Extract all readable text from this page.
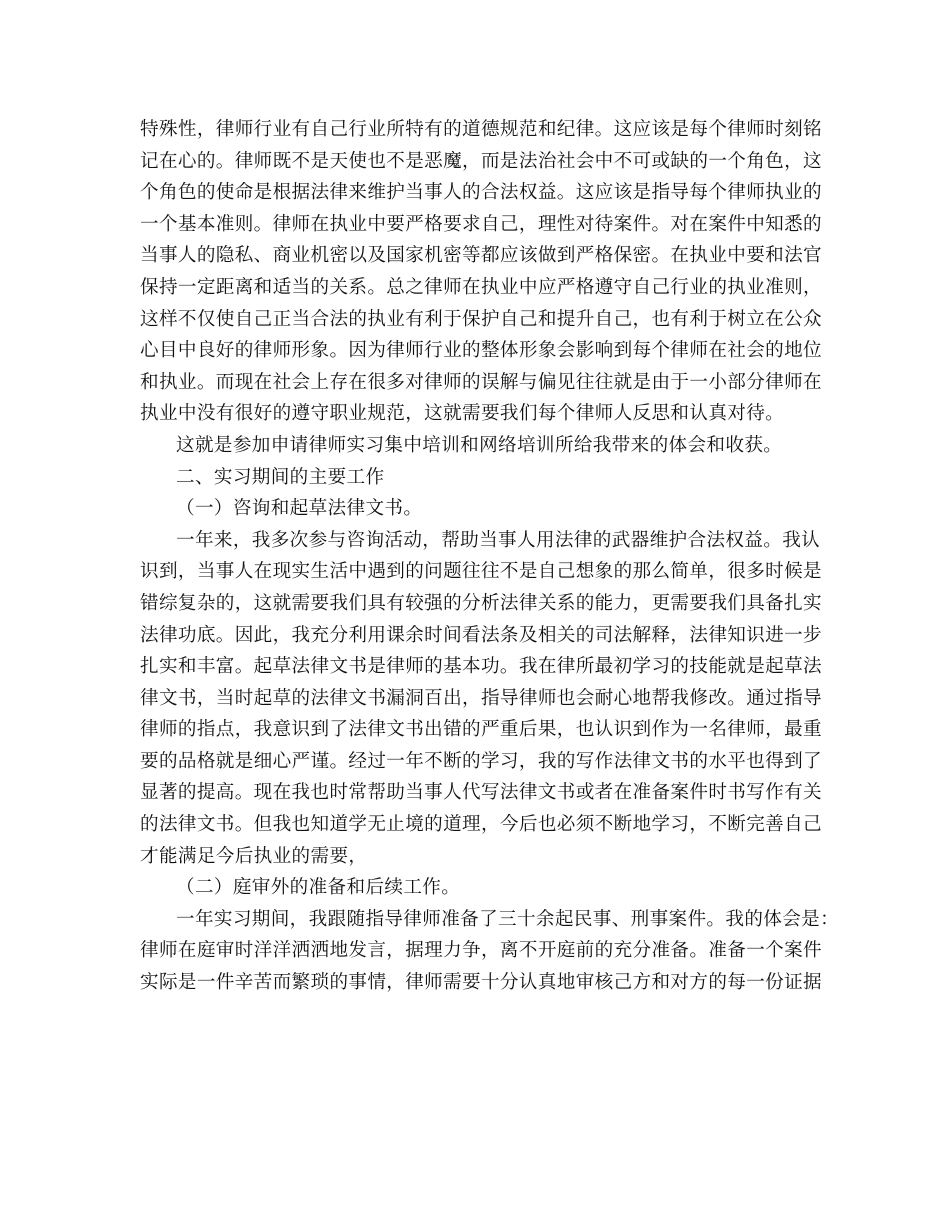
特殊性，律师行业有自己行业所特有的道德规范和纪律。这应该是每个律师时刻铭
记在心的。律师既不是天使也不是恶魔，而是法治社会中不可或缺的一个角色，这
个角色的使命是根据法律来维护当事人的合法权益。这应该是指导每个律师执业的
一个基本准则。律师在执业中要严格要求自己，理性对待案件。对在案件中知悉的
当事人的隐私、商业机密以及国家机密等都应该做到严格保密。在执业中要和法官
保持一定距离和适当的关系。总之律师在执业中应严格遵守自己行业的执业准则，
这样不仅使自己正当合法的执业有利于保护自己和提升自己，也有利于树立在公众
心目中良好的律师形象。因为律师行业的整体形象会影响到每个律师在社会的地位
和执业。而现在社会上存在很多对律师的误解与偏见往往就是由于一小部分律师在
执业中没有很好的遵守职业规范，这就需要我们每个律师人反思和认真对待。
这就是参加申请律师实习集中培训和网络培训所给我带来的体会和收获。
二、实习期间的主要工作
（一）咨询和起草法律文书。
一年来，我多次参与咨询活动，帮助当事人用法律的武器维护合法权益。我认
识到，当事人在现实生活中遇到的问题往往不是自己想象的那么简单，很多时候是
错综复杂的，这就需要我们具有较强的分析法律关系的能力，更需要我们具备扎实
法律功底。因此，我充分利用课余时间看法条及相关的司法解释，法律知识进一步
扎实和丰富。起草法律文书是律师的基本功。我在律所最初学习的技能就是起草法
律文书，当时起草的法律文书漏洞百出，指导律师也会耐心地帮我修改。通过指导
律师的指点，我意识到了法律文书出错的严重后果，也认识到作为一名律师，最重
要的品格就是细心严谨。经过一年不断的学习，我的写作法律文书的水平也得到了
显著的提高。现在我也时常帮助当事人代写法律文书或者在准备案件时书写作有关
的法律文书。但我也知道学无止境的道理，今后也必须不断地学习，不断完善自己
才能满足今后执业的需要，
（二）庭审外的准备和后续工作。
一年实习期间，我跟随指导律师准备了三十余起民事、刑事案件。我的体会是：
律师在庭审时洋洋洒洒地发言，据理力争，离不开庭前的充分准备。准备一个案件
实际是一件辛苦而繁琐的事情，律师需要十分认真地审核己方和对方的每一份证据
